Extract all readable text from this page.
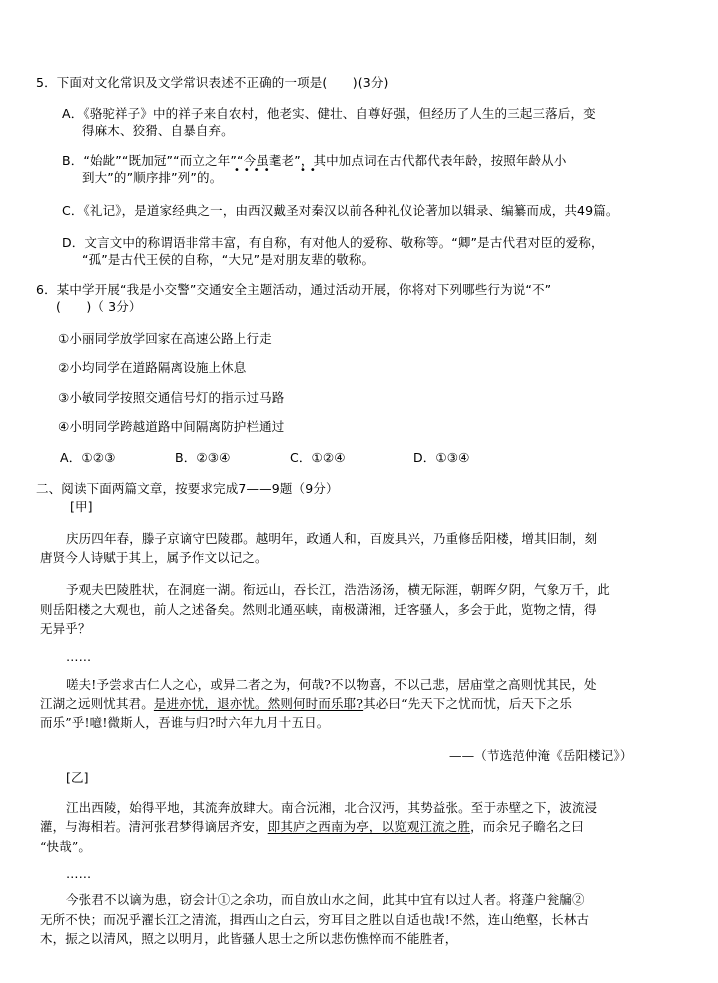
5．下面对文化常识及文学常识表述不正确的一项是(　　)(3分)
A．《骆驼祥子》中的祥子来自农村，他老实、健壮、自尊好强，但经历了人生的三起三落后，变
得麻木、狡猾、自暴自弃。
B．“始龀”“既加冠”“而立之年”“今虽耄老”，其中加点词在古代都代表年龄，按照年龄从小
到大”的”顺序排”列”的。 ••••	••
C．《礼记》，是道家经典之一，由西汉戴圣对秦汉以前各种礼仪论著加以辑录、编纂而成，共49篇。
D．文言文中的称谓语非常丰富，有自称，有对他人的爱称、敬称等。“卿”是古代君对臣的爱称，
“孤”是古代王侯的自称，“大兄”是对朋友辈的敬称。
6．某中学开展“我是小交警”交通安全主题活动，通过活动开展，你将对下列哪些行为说“不”
(　　)（ 3分）
①小丽同学放学回家在高速公路上行走
②小均同学在道路隔离设施上休息
③小敏同学按照交通信号灯的指示过马路
④小明同学跨越道路中间隔离防护栏通过
A．①②③	B．②③④	C．①②④	D．①③④
二、阅读下面两篇文章，按要求完成7——9题（9分）
[甲]
庆历四年春，滕子京谪守巴陵郡。越明年，政通人和，百废具兴，乃重修岳阳楼，增其旧制，刻
唐贤今人诗赋于其上，属予作文以记之。
予观夫巴陵胜状，在洞庭一湖。衔远山，吞长江，浩浩汤汤，横无际涯，朝晖夕阴，气象万千，此
则岳阳楼之大观也，前人之述备矣。然则北通巫峡，南极潇湘，迁客骚人，多会于此，览物之情，得
无异乎？
……
嗟夫!予尝求古仁人之心，或异二者之为，何哉?不以物喜，不以己悲，居庙堂之高则忧其民，处
江湖之远则忧其君。是进亦忧，退亦忧。然则何时而乐耶?其必曰“先天下之忧而忧，后天下之乐
而乐”乎!噫!微斯人，吾谁与归?时六年九月十五日。
——（节选范仲淹《岳阳楼记》）
[乙]
江出西陵，始得平地，其流奔放肆大。南合沅湘，北合汉沔，其势益张。至于赤壁之下，波流浸
灌，与海相若。清河张君梦得谪居齐安，即其庐之西南为亭，以览观江流之胜，而余兄子瞻名之曰
“快哉”。
……
今张君不以谪为患，窃会计①之余功，而自放山水之间，此其中宜有以过人者。将蓬户瓮牖②
无所不快；而况乎濯长江之清流，揖西山之白云，穷耳目之胜以自适也哉!不然，连山绝壑，长林古
木，振之以清风，照之以明月，此皆骚人思士之所以悲伤憔悴而不能胜者，
